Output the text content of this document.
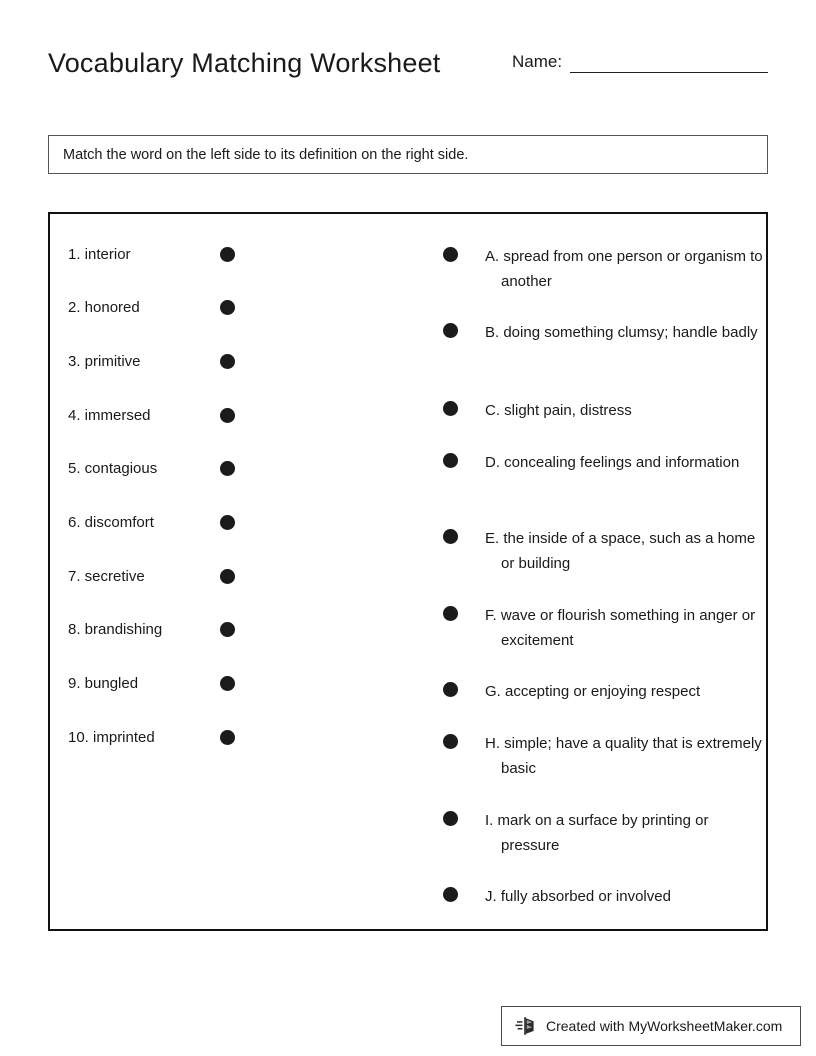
Vocabulary Matching Worksheet	Name:
Match the word on the left side to its definition on the right side.
1. interior
2. honored
3. primitive
4. immersed
5. contagious
6. discomfort
7. secretive
8. brandishing
9. bungled
10. imprinted
A. spread from one person or organism to another
B. doing something clumsy; handle badly
C. slight pain, distress
D. concealing feelings and information
E. the inside of a space, such as a home or building
F. wave or flourish something in anger or excitement
G. accepting or enjoying respect
H. simple; have a quality that is extremely basic
I. mark on a surface by printing or pressure
J. fully absorbed or involved
Created with MyWorksheetMaker.com
